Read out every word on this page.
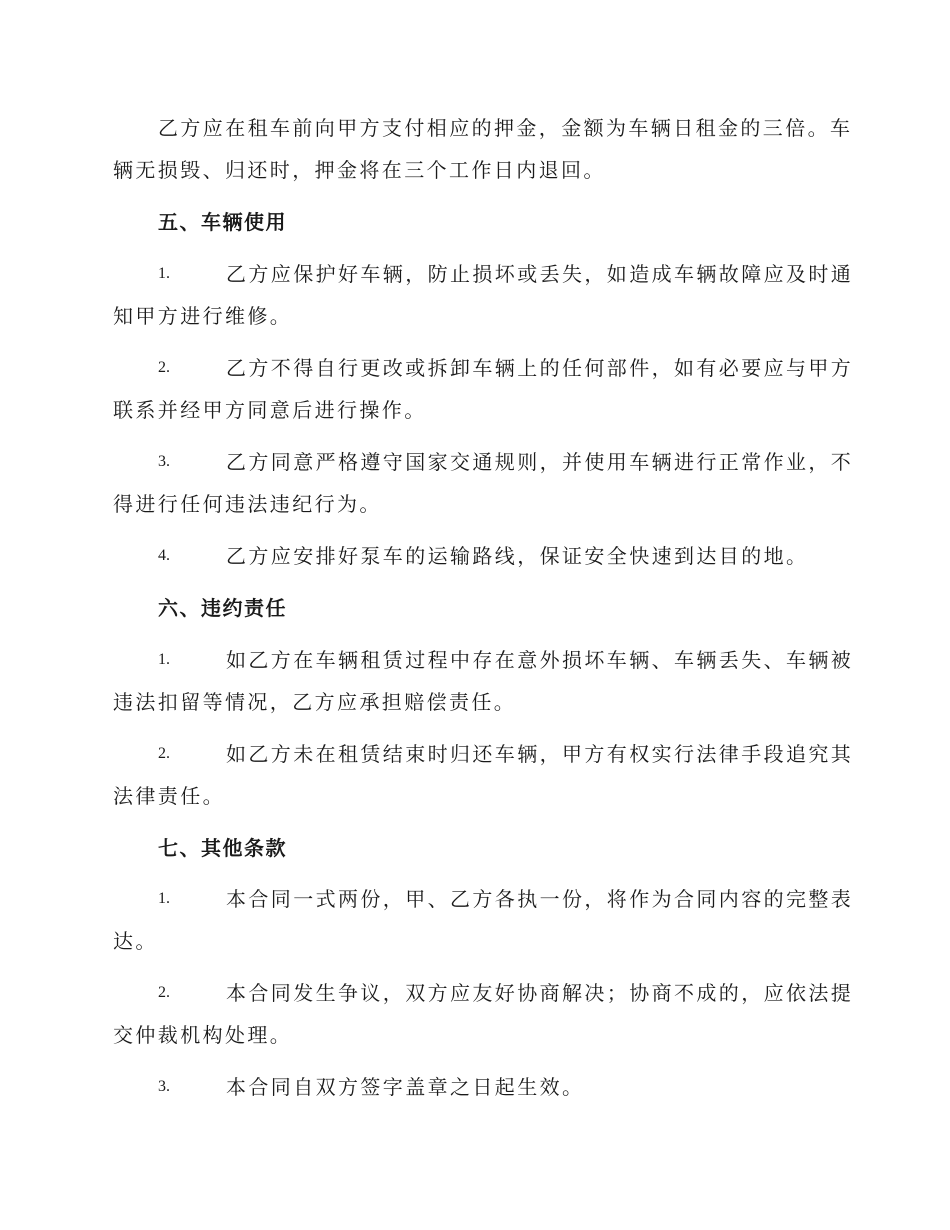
乙方应在租车前向甲方支付相应的押金，金额为车辆日租金的三倍。车
辆无损毁、归还时，押金将在三个工作日内退回。
五、车辆使用
1.	乙方应保护好车辆，防止损坏或丢失，如造成车辆故障应及时通
知甲方进行维修。
2.	乙方不得自行更改或拆卸车辆上的任何部件，如有必要应与甲方
联系并经甲方同意后进行操作。
3.	乙方同意严格遵守国家交通规则，并使用车辆进行正常作业，不
得进行任何违法违纪行为。
4.	乙方应安排好泵车的运输路线，保证安全快速到达目的地。
六、违约责任
1.	如乙方在车辆租赁过程中存在意外损坏车辆、车辆丢失、车辆被
违法扣留等情况，乙方应承担赔偿责任。
2.	如乙方未在租赁结束时归还车辆，甲方有权实行法律手段追究其
法律责任。
七、其他条款
1.	本合同一式两份，甲、乙方各执一份，将作为合同内容的完整表
达。
2.	本合同发生争议，双方应友好协商解决；协商不成的，应依法提
交仲裁机构处理。
3.	本合同自双方签字盖章之日起生效。
